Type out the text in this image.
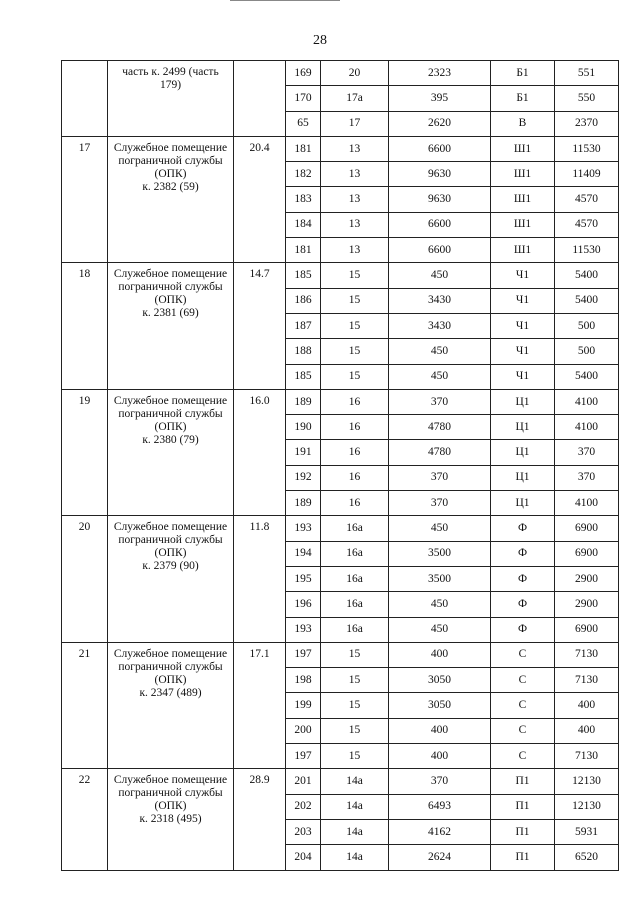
28

	часть к. 2499 (часть
179)		169	20	2323	Б1	551
			170	17а	395	Б1	550
			65	17	2620	В	2370
17	Служебное помещение
пограничной службы
(ОПК)
к. 2382 (59)	20.4	181	13	6600	Ш1	11530
			182	13	9630	Ш1	11409
			183	13	9630	Ш1	4570
			184	13	6600	Ш1	4570
			181	13	6600	Ш1	11530
18	Служебное помещение
пограничной службы
(ОПК)
к. 2381 (69)	14.7	185	15	450	Ч1	5400
			186	15	3430	Ч1	5400
			187	15	3430	Ч1	500
			188	15	450	Ч1	500
			185	15	450	Ч1	5400
19	Служебное помещение
пограничной службы
(ОПК)
к. 2380 (79)	16.0	189	16	370	Ц1	4100
			190	16	4780	Ц1	4100
			191	16	4780	Ц1	370
			192	16	370	Ц1	370
			189	16	370	Ц1	4100
20	Служебное помещение
пограничной службы
(ОПК)
к. 2379 (90)	11.8	193	16а	450	Ф	6900
			194	16а	3500	Ф	6900
			195	16а	3500	Ф	2900
			196	16а	450	Ф	2900
			193	16а	450	Ф	6900
21	Служебное помещение
пограничной службы
(ОПК)
к. 2347 (489)	17.1	197	15	400	С	7130
			198	15	3050	С	7130
			199	15	3050	С	400
			200	15	400	С	400
			197	15	400	С	7130
22	Служебное помещение
пограничной службы
(ОПК)
к. 2318 (495)	28.9	201	14а	370	П1	12130
			202	14а	6493	П1	12130
			203	14а	4162	П1	5931
			204	14а	2624	П1	6520
